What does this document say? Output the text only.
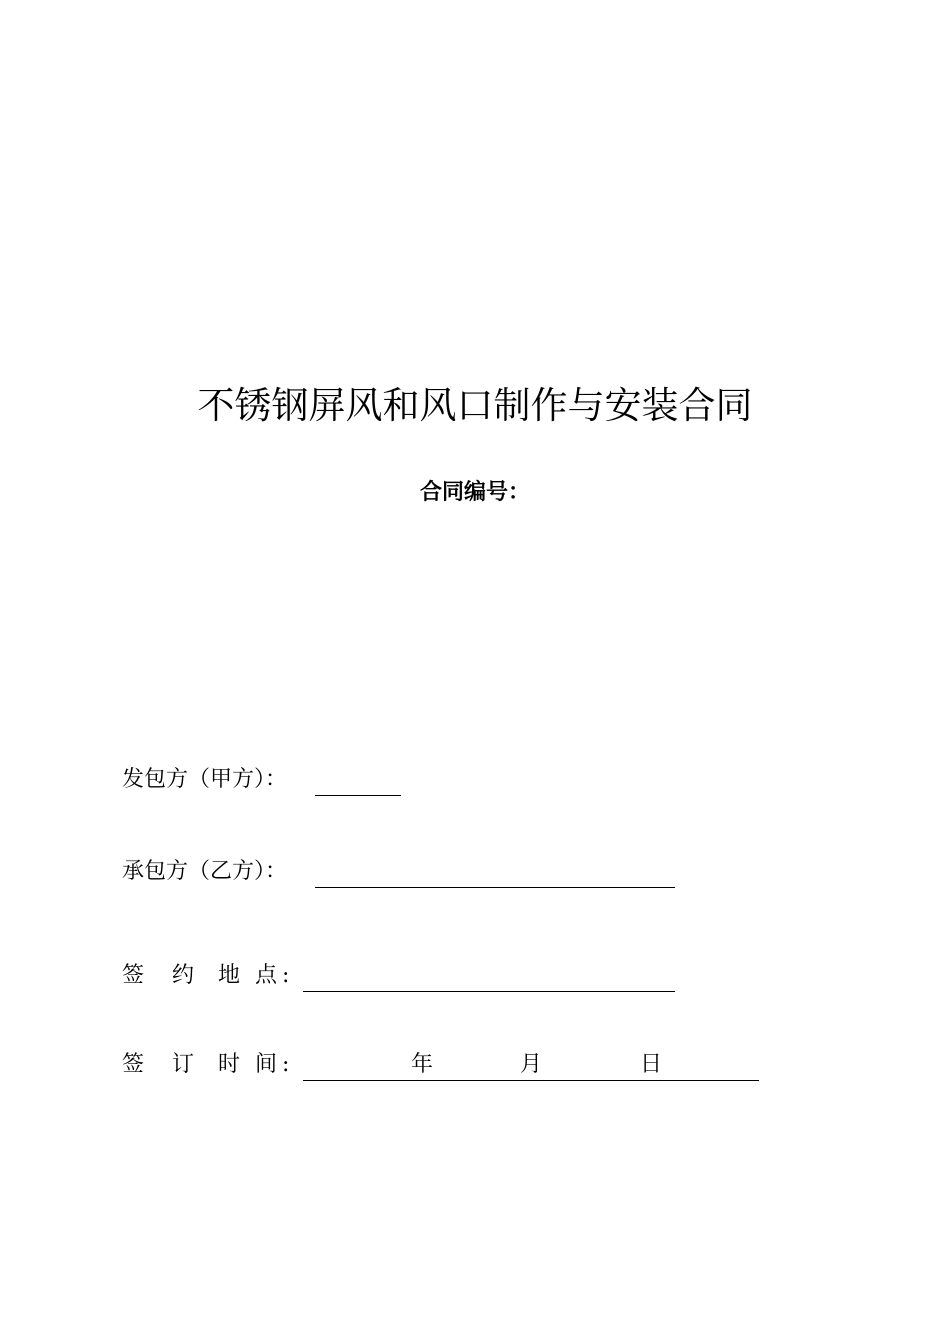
不锈钢屏风和风口制作与安装合同
合同编号：
发包方（甲方）：
承包方（乙方）：
签 约 地 点 :
签 订 时 间 :	年	月	日
